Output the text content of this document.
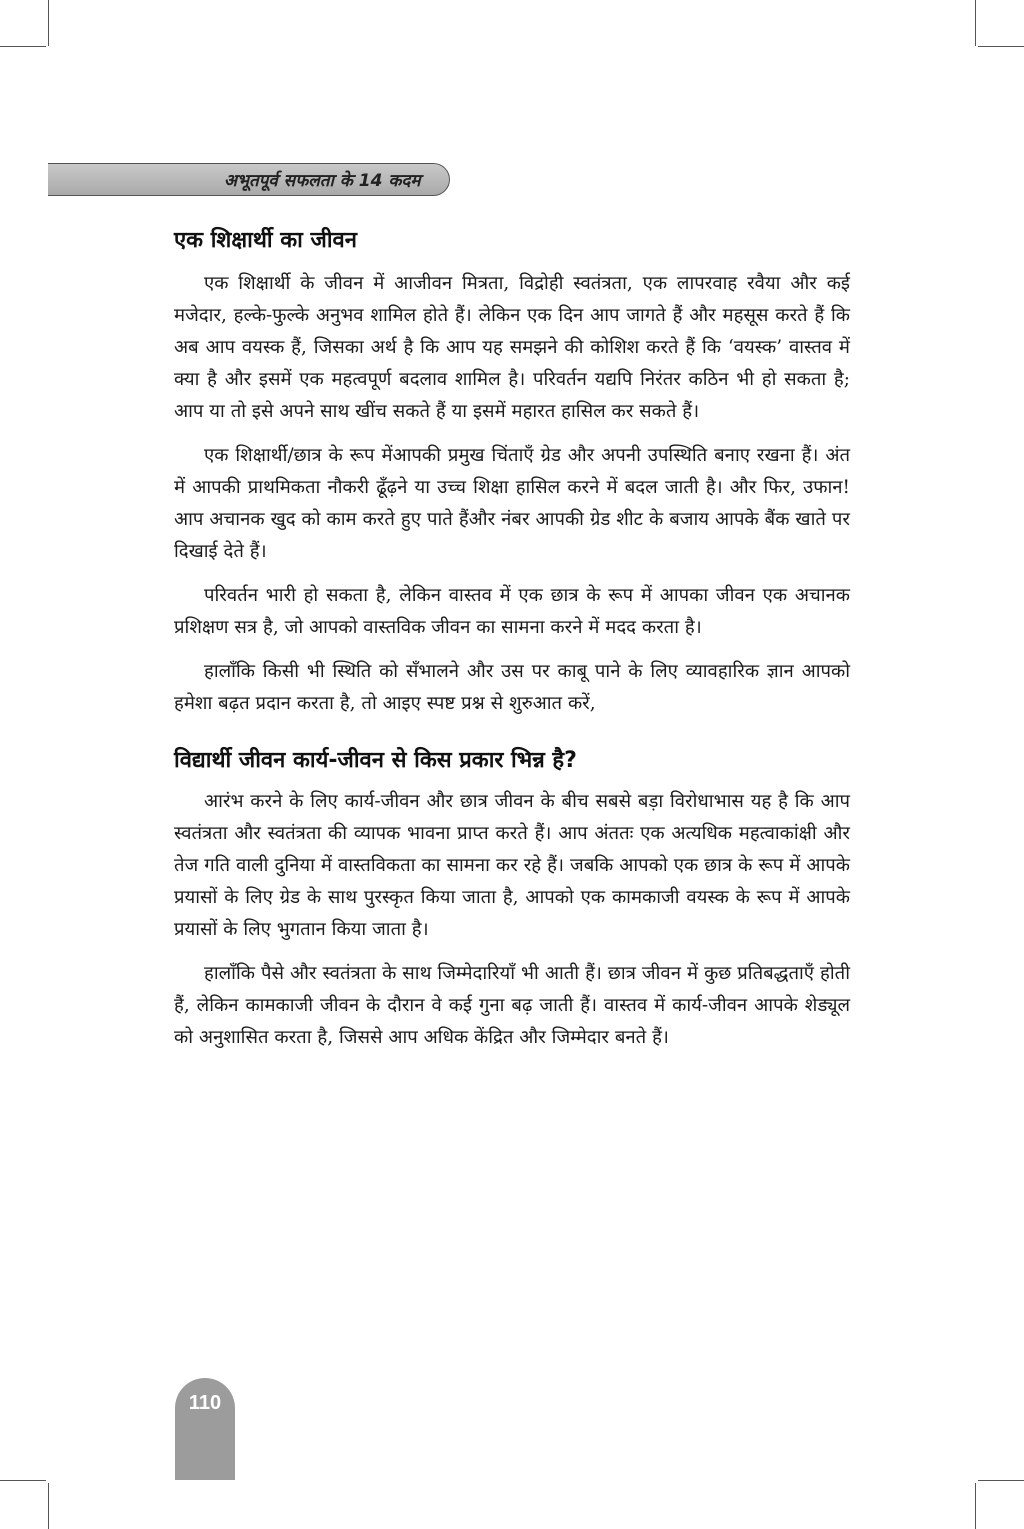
अभूतपूर्व सफलता के 14 कदम
एक शिक्षार्थी का जीवन

एक शिक्षार्थी के जीवन में आजीवन मित्रता, विद्रोही स्वतंत्रता, एक लापरवाह रवैया और कई मजेदार, हल्के-फुल्के अनुभव शामिल होते हैं। लेकिन एक दिन आप जागते हैं और महसूस करते हैं कि अब आप वयस्क हैं, जिसका अर्थ है कि आप यह समझने की कोशिश करते हैं कि ‘वयस्क’ वास्तव में क्या है और इसमें एक महत्वपूर्ण बदलाव शामिल है। परिवर्तन यद्यपि निरंतर कठिन भी हो सकता है; आप या तो इसे अपने साथ खींच सकते हैं या इसमें महारत हासिल कर सकते हैं।

एक शिक्षार्थी/छात्र के रूप मेंआपकी प्रमुख चिंताएँ ग्रेड और अपनी उपस्थिति बनाए रखना हैं। अंत में आपकी प्राथमिकता नौकरी ढूँढ़ने या उच्च शिक्षा हासिल करने में बदल जाती है। और फिर, उफान! आप अचानक खुद को काम करते हुए पाते हैंऔर नंबर आपकी ग्रेड शीट के बजाय आपके बैंक खाते पर दिखाई देते हैं।

परिवर्तन भारी हो सकता है, लेकिन वास्तव में एक छात्र के रूप में आपका जीवन एक अचानक प्रशिक्षण सत्र है, जो आपको वास्तविक जीवन का सामना करने में मदद करता है।

हालाँकि किसी भी स्थिति को सँभालने और उस पर काबू पाने के लिए व्यावहारिक ज्ञान आपको हमेशा बढ़त प्रदान करता है, तो आइए स्पष्ट प्रश्न से शुरुआत करें,

विद्यार्थी जीवन कार्य-जीवन से किस प्रकार भिन्न है?

आरंभ करने के लिए कार्य-जीवन और छात्र जीवन के बीच सबसे बड़ा विरोधाभास यह है कि आप स्वतंत्रता और स्वतंत्रता की व्यापक भावना प्राप्त करते हैं। आप अंततः एक अत्यधिक महत्वाकांक्षी और तेज गति वाली दुनिया में वास्तविकता का सामना कर रहे हैं। जबकि आपको एक छात्र के रूप में आपके प्रयासों के लिए ग्रेड के साथ पुरस्कृत किया जाता है, आपको एक कामकाजी वयस्क के रूप में आपके प्रयासों के लिए भुगतान किया जाता है।

हालाँकि पैसे और स्वतंत्रता के साथ जिम्मेदारियाँ भी आती हैं। छात्र जीवन में कुछ प्रतिबद्धताएँ होती हैं, लेकिन कामकाजी जीवन के दौरान वे कई गुना बढ़ जाती हैं। वास्तव में कार्य-जीवन आपके शेड्यूल को अनुशासित करता है, जिससे आप अधिक केंद्रित और जिम्मेदार बनते हैं।

110
